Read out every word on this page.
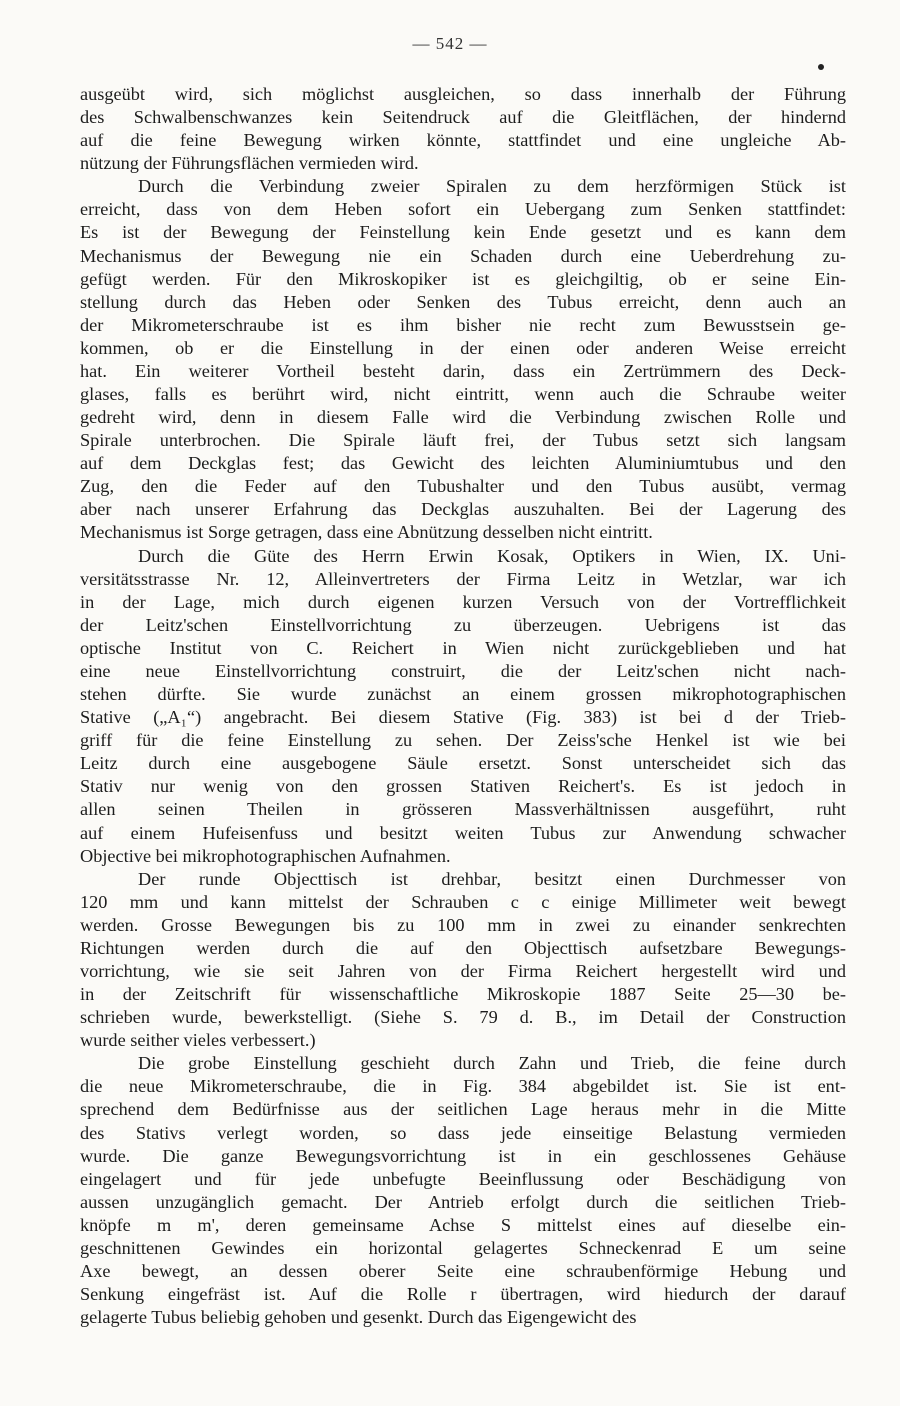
— 542 —
ausgeübt wird, sich möglichst ausgleichen, so dass innerhalb der Führung
des Schwalbenschwanzes kein Seitendruck auf die Gleitflächen, der hindernd
auf die feine Bewegung wirken könnte, stattfindet und eine ungleiche Ab-
nützung der Führungsflächen vermieden wird.
Durch die Verbindung zweier Spiralen zu dem herzförmigen Stück ist
erreicht, dass von dem Heben sofort ein Uebergang zum Senken stattfindet:
Es ist der Bewegung der Feinstellung kein Ende gesetzt und es kann dem
Mechanismus der Bewegung nie ein Schaden durch eine Ueberdrehung zu-
gefügt werden. Für den Mikroskopiker ist es gleichgiltig, ob er seine Ein-
stellung durch das Heben oder Senken des Tubus erreicht, denn auch an
der Mikrometerschraube ist es ihm bisher nie recht zum Bewusstsein ge-
kommen, ob er die Einstellung in der einen oder anderen Weise erreicht
hat. Ein weiterer Vortheil besteht darin, dass ein Zertrümmern des Deck-
glases, falls es berührt wird, nicht eintritt, wenn auch die Schraube weiter
gedreht wird, denn in diesem Falle wird die Verbindung zwischen Rolle und
Spirale unterbrochen. Die Spirale läuft frei, der Tubus setzt sich langsam
auf dem Deckglas fest; das Gewicht des leichten Aluminiumtubus und den
Zug, den die Feder auf den Tubushalter und den Tubus ausübt, vermag
aber nach unserer Erfahrung das Deckglas auszuhalten. Bei der Lagerung des
Mechanismus ist Sorge getragen, dass eine Abnützung desselben nicht eintritt.
Durch die Güte des Herrn Erwin Kosak, Optikers in Wien, IX. Uni-
versitätsstrasse Nr. 12, Alleinvertreters der Firma Leitz in Wetzlar, war ich
in der Lage, mich durch eigenen kurzen Versuch von der Vortrefflichkeit
der Leitz'schen Einstellvorrichtung zu überzeugen. Uebrigens ist das
optische Institut von C. Reichert in Wien nicht zurückgeblieben und hat
eine neue Einstellvorrichtung construirt, die der Leitz'schen nicht nach-
stehen dürfte. Sie wurde zunächst an einem grossen mikrophotographischen
Stative („A₁“) angebracht. Bei diesem Stative (Fig. 383) ist bei d der Trieb-
griff für die feine Einstellung zu sehen. Der Zeiss'sche Henkel ist wie bei
Leitz durch eine ausgebogene Säule ersetzt. Sonst unterscheidet sich das
Stativ nur wenig von den grossen Stativen Reichert's. Es ist jedoch in
allen seinen Theilen in grösseren Massverhältnissen ausgeführt, ruht
auf einem Hufeisenfuss und besitzt weiten Tubus zur Anwendung schwacher
Objective bei mikrophotographischen Aufnahmen.
Der runde Objecttisch ist drehbar, besitzt einen Durchmesser von
120 mm und kann mittelst der Schrauben c c einige Millimeter weit bewegt
werden. Grosse Bewegungen bis zu 100 mm in zwei zu einander senkrechten
Richtungen werden durch die auf den Objecttisch aufsetzbare Bewegungs-
vorrichtung, wie sie seit Jahren von der Firma Reichert hergestellt wird und
in der Zeitschrift für wissenschaftliche Mikroskopie 1887 Seite 25—30 be-
schrieben wurde, bewerkstelligt. (Siehe S. 79 d. B., im Detail der Construction
wurde seither vieles verbessert.)
Die grobe Einstellung geschieht durch Zahn und Trieb, die feine durch
die neue Mikrometerschraube, die in Fig. 384 abgebildet ist. Sie ist ent-
sprechend dem Bedürfnisse aus der seitlichen Lage heraus mehr in die Mitte
des Stativs verlegt worden, so dass jede einseitige Belastung vermieden
wurde. Die ganze Bewegungsvorrichtung ist in ein geschlossenes Gehäuse
eingelagert und für jede unbefugte Beeinflussung oder Beschädigung von
aussen unzugänglich gemacht. Der Antrieb erfolgt durch die seitlichen Trieb-
knöpfe m m', deren gemeinsame Achse S mittelst eines auf dieselbe ein-
geschnittenen Gewindes ein horizontal gelagertes Schneckenrad E um seine
Axe bewegt, an dessen oberer Seite eine schraubenförmige Hebung und
Senkung eingefräst ist. Auf die Rolle r übertragen, wird hiedurch der darauf
gelagerte Tubus beliebig gehoben und gesenkt. Durch das Eigengewicht des
